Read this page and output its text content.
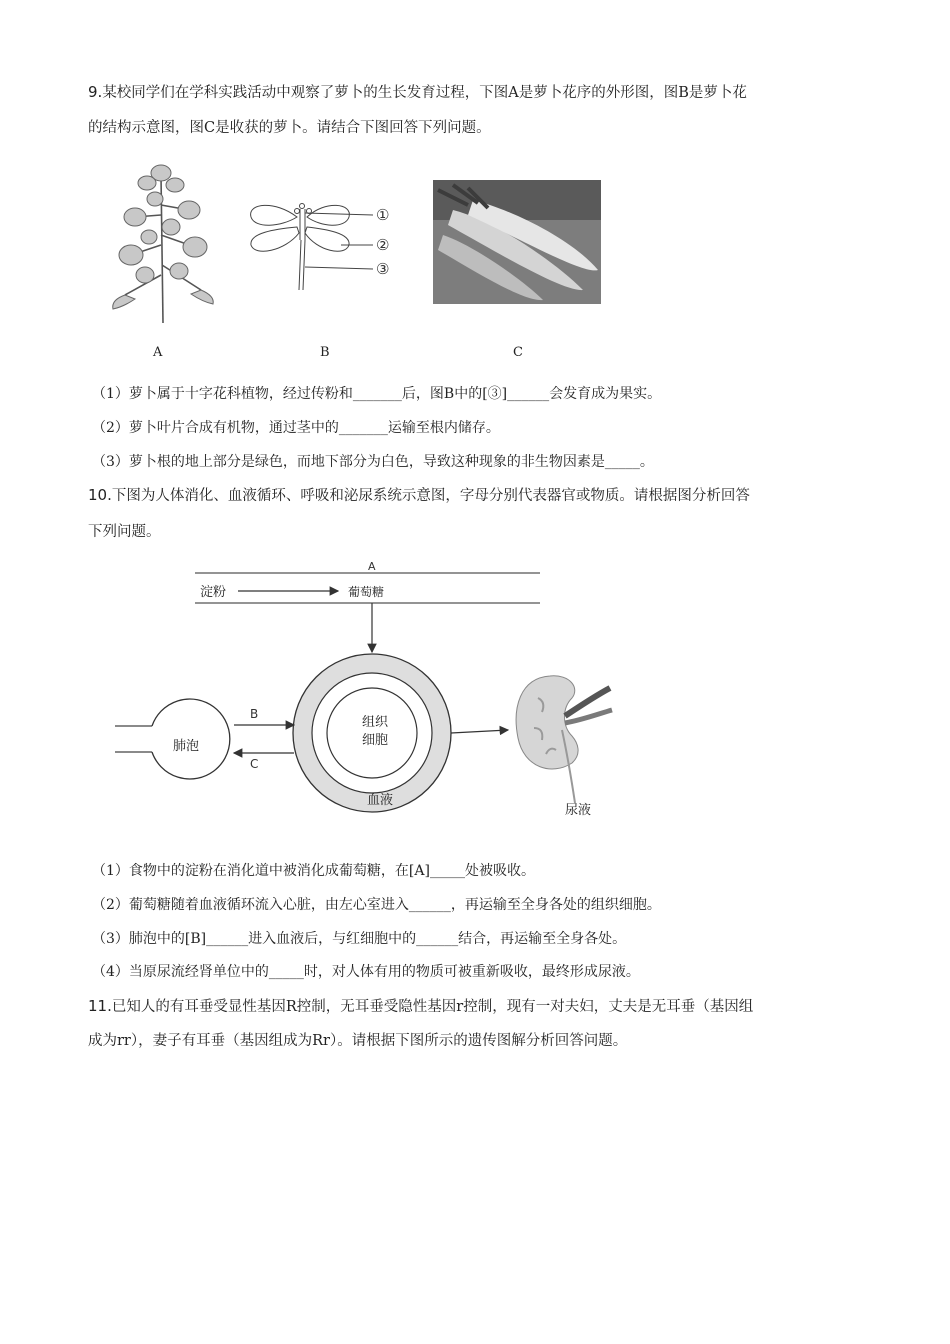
9.某校同学们在学科实践活动中观察了萝卜的生长发育过程，下图A是萝卜花序的外形图，图B是萝卜花
的结构示意图，图C是收获的萝卜。请结合下图回答下列问题。
①
②
③
A	B	C
（1）萝卜属于十字花科植物，经过传粉和_______后，图B中的[③]______会发育成为果实。
（2）萝卜叶片合成有机物，通过茎中的_______运输至根内储存。
（3）萝卜根的地上部分是绿色，而地下部分为白色，导致这种现象的非生物因素是_____。
10.下图为人体消化、血液循环、呼吸和泌尿系统示意图，字母分别代表器官或物质。请根据图分析回答
下列问题。
A
淀粉	葡萄糖
组织
细胞
血液
肺泡
B
C
尿液
（1）食物中的淀粉在消化道中被消化成葡萄糖，在[A]_____处被吸收。
（2）葡萄糖随着血液循环流入心脏，由左心室进入______，再运输至全身各处的组织细胞。
（3）肺泡中的[B]______进入血液后，与红细胞中的______结合，再运输至全身各处。
（4）当原尿流经肾单位中的_____时，对人体有用的物质可被重新吸收，最终形成尿液。
11.已知人的有耳垂受显性基因R控制，无耳垂受隐性基因r控制，现有一对夫妇，丈夫是无耳垂（基因组
成为rr），妻子有耳垂（基因组成为Rr）。请根据下图所示的遗传图解分析回答问题。
